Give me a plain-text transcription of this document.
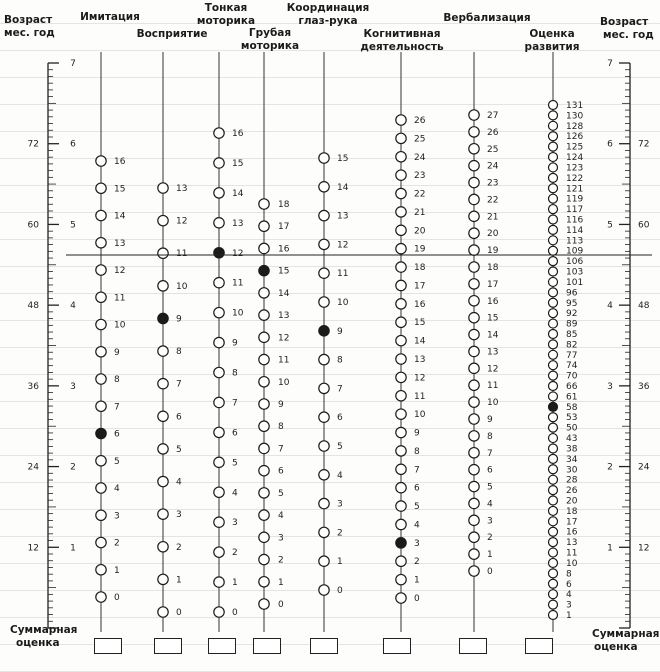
1
2
3
4
5
6
7
12
24
36
48
60
72
1
2
3
4
5
6
7
12
24
36
48
60
72
0
1
2
3
4
5
6
7
8
9
10
11
12
13
14
15
16
0
1
2
3
4
5
6
7
8
9
10
11
12
13
0
1
2
3
4
5
6
7
8
9
10
11
12
13
14
15
16
0
1
2
3
4
5
6
7
8
9
10
11
12
13
14
15
16
17
18
0
1
2
3
4
5
6
7
8
9
10
11
12
13
14
15
0
1
2
3
4
5
6
7
8
9
10
11
12
13
14
15
16
17
18
19
20
21
22
23
24
25
26
0
1
2
3
4
5
6
7
8
9
10
11
12
13
14
15
16
17
18
19
20
21
22
23
24
25
26
27
1
3
4
6
8
10
11
13
16
17
18
20
26
28
30
34
38
43
50
53
58
61
66
70
74
77
82
85
89
92
95
96
101
103
106
109
113
114
116
117
119
121
122
123
124
125
126
128
130
131
Возраст
мес. год
Возраст
мес. год
Имитация
Восприятие
Тонкая
моторика
Грубая
моторика
Координация
глаз-рука
Когнитивная
деятельность
Вербализация
Оценка
развития
Суммарная
оценка
Суммарная
оценка
